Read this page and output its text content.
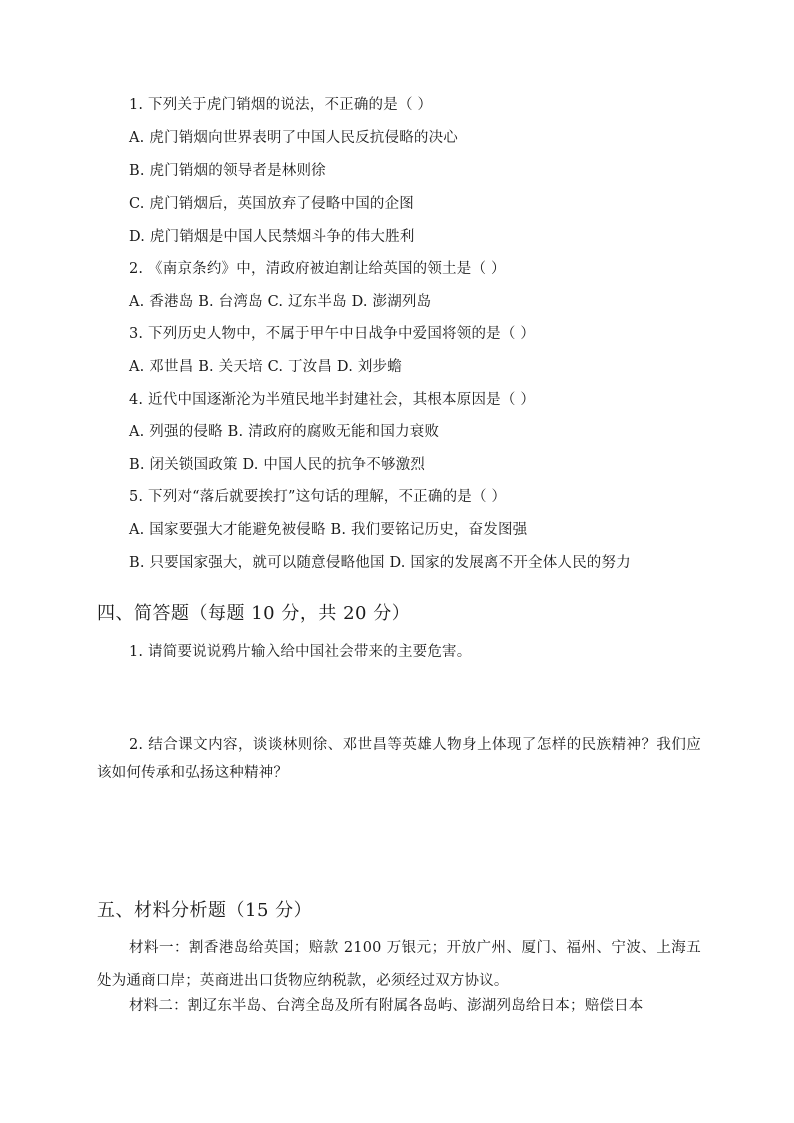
1. 下列关于虎门销烟的说法，不正确的是（ ）
A. 虎门销烟向世界表明了中国人民反抗侵略的决心
B. 虎门销烟的领导者是林则徐
C. 虎门销烟后，英国放弃了侵略中国的企图
D. 虎门销烟是中国人民禁烟斗争的伟大胜利
2. 《南京条约》中，清政府被迫割让给英国的领土是（ ）
A. 香港岛 B. 台湾岛 C. 辽东半岛 D. 澎湖列岛
3. 下列历史人物中，不属于甲午中日战争中爱国将领的是（ ）
A. 邓世昌 B. 关天培 C. 丁汝昌 D. 刘步蟾
4. 近代中国逐渐沦为半殖民地半封建社会，其根本原因是（ ）
A. 列强的侵略 B. 清政府的腐败无能和国力衰败
B. 闭关锁国政策 D. 中国人民的抗争不够激烈
5. 下列对“落后就要挨打”这句话的理解，不正确的是（ ）
A. 国家要强大才能避免被侵略 B. 我们要铭记历史，奋发图强
B. 只要国家强大，就可以随意侵略他国 D. 国家的发展离不开全体人民的努力
四、简答题（每题 10 分，共 20 分）
1. 请简要说说鸦片输入给中国社会带来的主要危害。
2. 结合课文内容，谈谈林则徐、邓世昌等英雄人物身上体现了怎样的民族精神？我们应该如何传承和弘扬这种精神？
五、材料分析题（15 分）
材料一：割香港岛给英国；赔款 2100 万银元；开放广州、厦门、福州、宁波、上海五处为通商口岸；英商进出口货物应纳税款，必须经过双方协议。
材料二：割辽东半岛、台湾全岛及所有附属各岛屿、澎湖列岛给日本；赔偿日本
